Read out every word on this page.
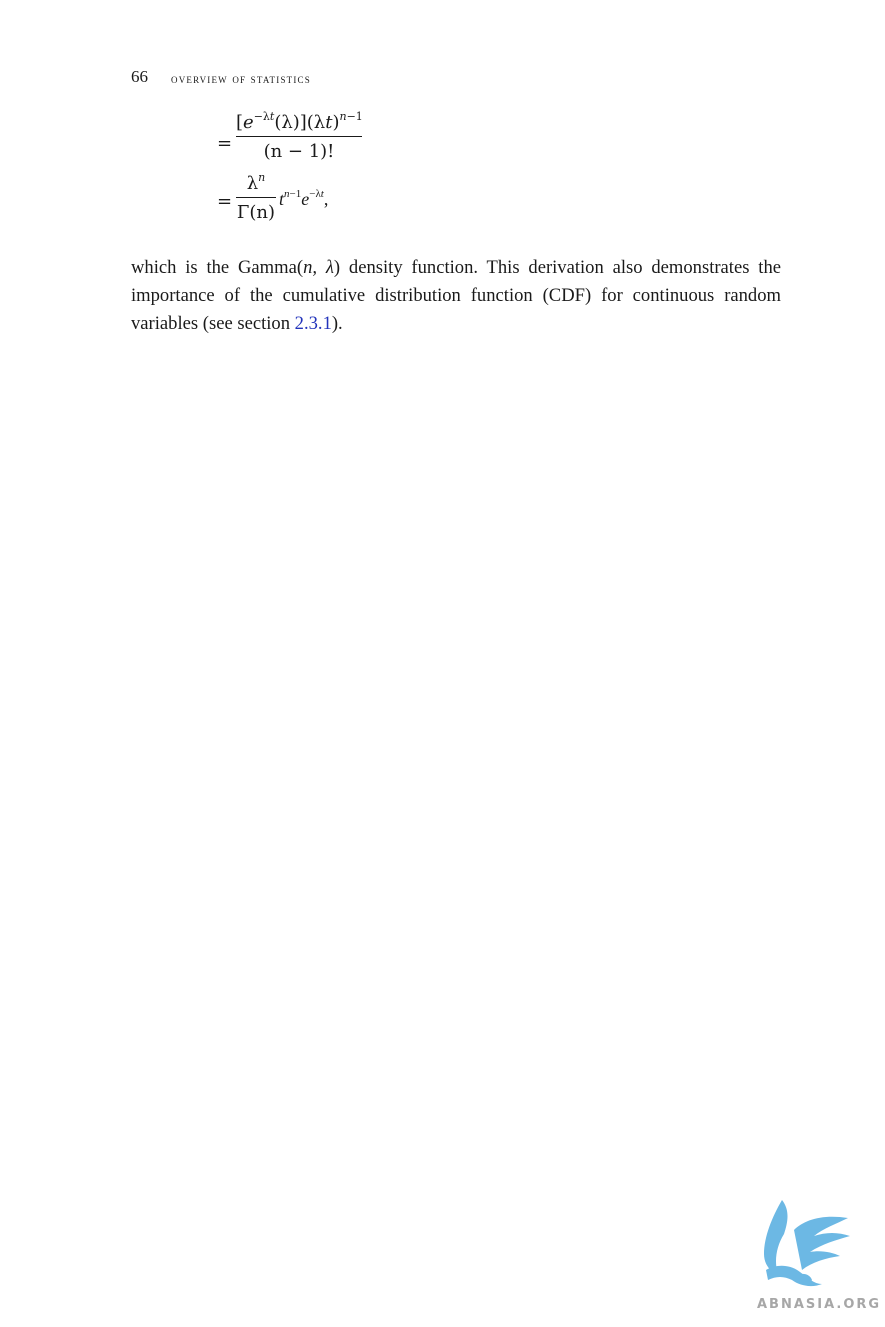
66 overview of statistics
=
$[e^{-\lambda t}(\lambda)](\lambda t)^{n-1}$
(n − 1)!
=
$\lambda^n$
Γ(n)
$t^{n-1}e^{-\lambda t}$,

which is the Gamma(n, λ) density function. This derivation also demonstrates the importance of the cumulative distribution function (CDF) for continuous random variables (see section 2.3.1).

ABNASIA.ORG
